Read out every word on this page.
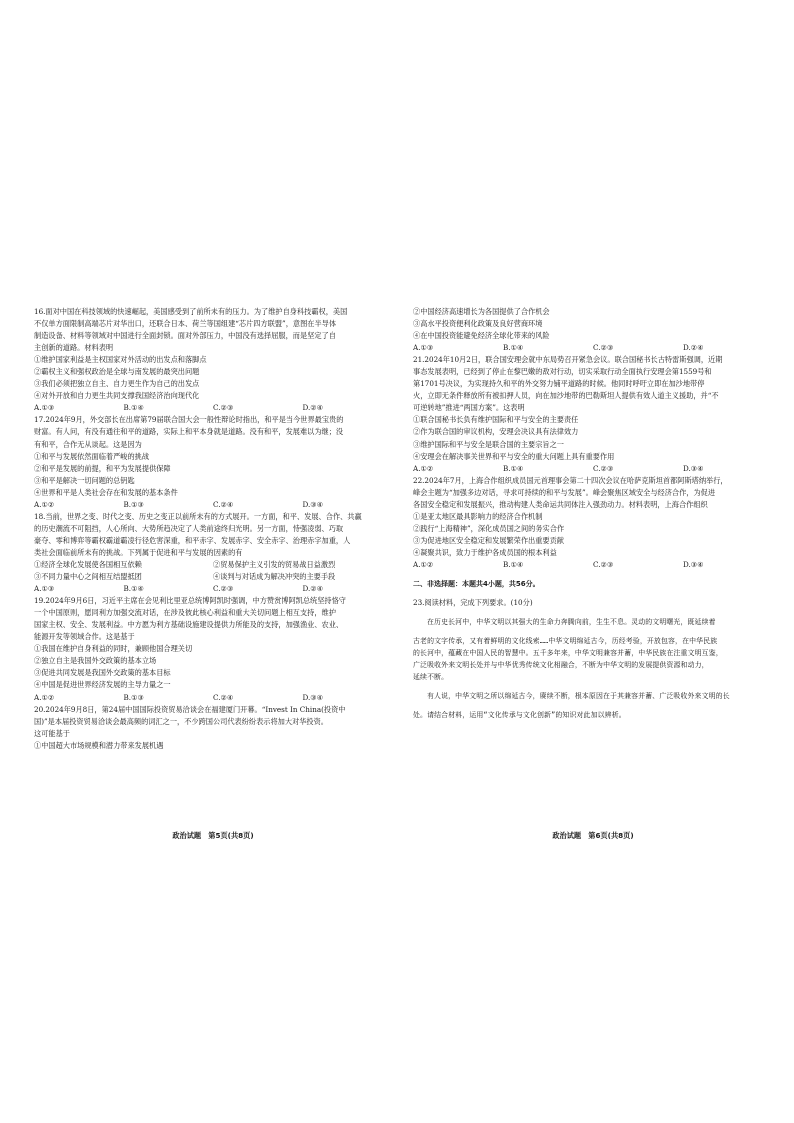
16.面对中国在科技领域的快速崛起，美国感受到了前所未有的压力。为了维护自身科技霸权，美国
不仅单方面限制高端芯片对华出口，还联合日本、荷兰等国组建“芯片四方联盟”，意图在半导体
制造设备、材料等领域对中国进行全面封锁。面对外部压力，中国没有选择屈服，而是坚定了自
主创新的道路。材料表明

①维护国家利益是主权国家对外活动的出发点和落脚点

②霸权主义和强权政治是全球与南发展的最突出问题

③我们必须把独立自主、自力更生作为自己的出发点

④对外开放和自力更生共同支撑我国经济治向现代化

A.①③	B.①④	C.②③	D.②④

17.2024年9月，外交部长在出席第79届联合国大会一般性辩论时指出，和平是当今世界最宝贵的
财富。有人问，有没有通往和平的道路，实际上和平本身就是道路。没有和平，发展难以为继；没
有和平，合作无从谈起。这是因为

①和平与发展依然面临着严峻的挑战

②和平是发展的前提，和平为发展提供保障

③和平是解决一切问题的总钥匙

④世界和平是人类社会存在和发展的基本条件

A.①②	B.①③	C.②④	D.③④

18.当前，世界之变、时代之变、历史之变正以前所未有的方式展开。一方面，和平、发展、合作、共赢
的历史潮流不可阻挡，人心所向、大势所趋决定了人类前途终归光明。另一方面，恃强凌弱、巧取
豪夺、零和博弈等霸权霸道霸凌行径危害深重，和平赤字、发展赤字、安全赤字、治理赤字加重，人
类社会面临前所未有的挑战。下列属于促进和平与发展的因素的有

①经济全球化发展使各国相互依赖	②贸易保护主义引发的贸易战日益激烈
③不同力量中心之间相互结盟抵团	④谈判与对话成为解决冲突的主要手段
A.①③	B.①④	C.②③	D.②④

19.2024年9月6日，习近平主席在会见利比里亚总统博阿凯时强调，中方赞赏博阿凯总统坚持恪守
一个中国原则，愿同利方加强交流对话，在涉及彼此核心利益和重大关切问题上相互支持，维护
国家主权、安全、发展利益。中方愿为利方基础设施建设提供力所能及的支持，加强渔业、农业、
能源开发等领域合作。这是基于

①我国在维护自身利益的同时，兼顾他国合理关切

②独立自主是我国外交政策的基本立场

③促进共同发展是我国外交政策的基本目标

④中国是促进世界经济发展的主导力量之一

A.①②	B.①③	C.②④	D.③④

20.2024年9月8日，第24届中国国际投资贸易洽谈会在福建厦门开幕。“Invest In China(投资中
国)”是本届投资贸易洽谈会最高频的词汇之一，不少跨国公司代表纷纷表示将加大对华投资。
这可能基于

①中国超大市场规模和潜力带来发展机遇

政治试题　第5页(共8页)

②中国经济高速增长为各国提供了合作机会

③高水平投资便利化政策及良好营商环境

④在中国投资能避免经济全球化带来的风险

A.①③	B.①④	C.②③	D.②④

21.2024年10月2日，联合国安理会就中东局势召开紧急会议。联合国秘书长古特雷斯强调，近期
事态发展表明，已经到了停止在黎巴嫩的敌对行动，切实采取行动全面执行安理会第1559号和
第1701号决议，为实现持久和平的外交努力铺平道路的时候。他同时呼吁立即在加沙地带停
火，立即无条件释放所有被扣押人员，向在加沙地带的巴勒斯坦人提供有效人道主义援助，并“不
可逆转地”推进“两国方案”。这表明

①联合国秘书长负有维护国际和平与安全的主要责任

②作为联合国的审议机构，安理会决议具有法律效力

③维护国际和平与安全是联合国的主要宗旨之一

④安理会在解决事关世界和平与安全的重大问题上具有重要作用

A.①②	B.①④	C.②③	D.③④

22.2024年7月，上海合作组织成员国元首理事会第二十四次会议在哈萨克斯坦首都阿斯塔纳举行，
峰会主题为“加强多边对话，寻求可持续的和平与发展”。峰会聚焦区域安全与经济合作，为促进
各国安全稳定和发展振兴，推动构建人类命运共同体注入强劲动力。材料表明，上海合作组织

①是亚太地区最具影响力的经济合作机制

②践行“上海精神”，深化成员国之间的务实合作

③为促进地区安全稳定和发展繁荣作出重要贡献

④凝聚共识，致力于维护各成员国的根本利益

A.①②	B.①④	C.②③	D.③④

二、非选择题：本题共4小题，共56分。

23.阅读材料，完成下列要求。(10分)

在历史长河中，中华文明以其强大的生命力奔腾向前，生生不息。灵动的文明曙光，既延续着

古老的文字传承，又有着鲜明的文化线索……中华文明绵延古今，历经考验，开放包容，在中华民族

的长河中，蕴藏在中国人民的智慧中。五千多年来，中华文明兼容并蓄，中华民族在注重文明互鉴，

广泛吸收外来文明长处并与中华优秀传统文化相融合，不断为中华文明的发展提供资源和动力，

延续不断。

有人说，中华文明之所以绵延古今，赓续不断，根本原因在于其兼容并蓄、广泛吸收外来文明的长

处。请结合材料，运用“文化传承与文化创新”的知识对此加以辨析。

政治试题　第6页(共8页)
